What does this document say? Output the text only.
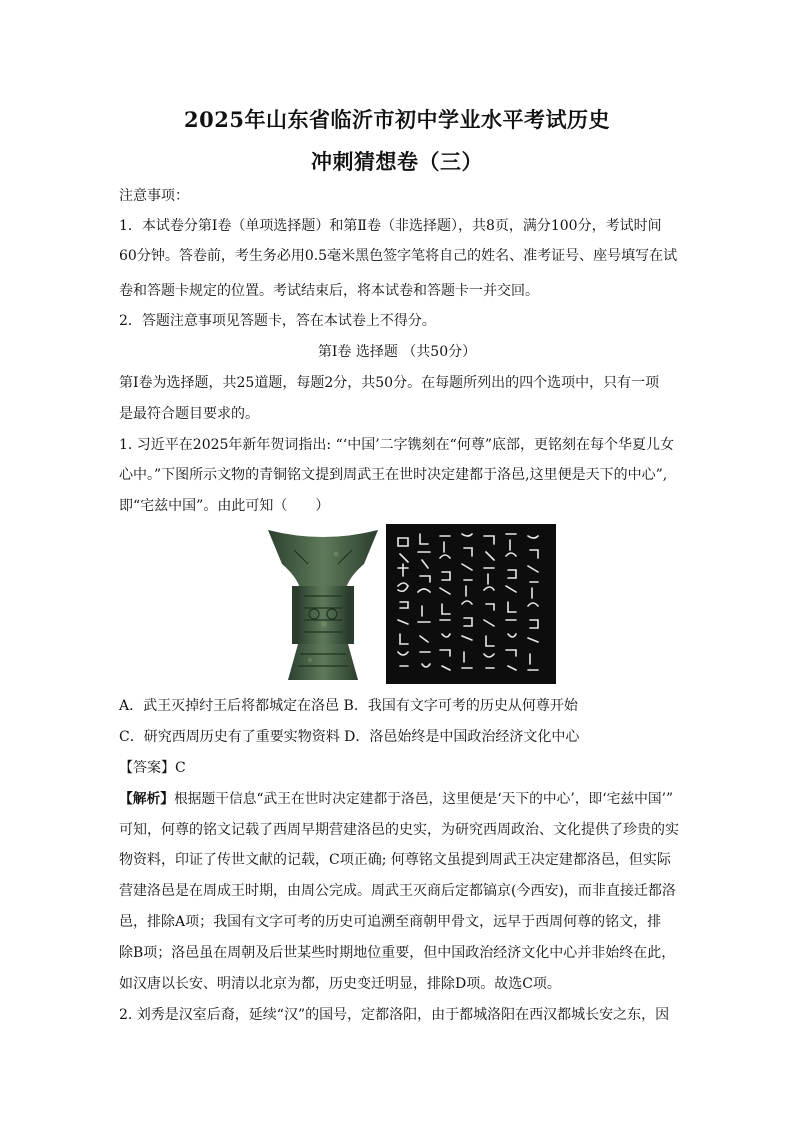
2025年山东省临沂市初中学业水平考试历史
冲刺猜想卷（三）
注意事项：
1．本试卷分第Ⅰ卷（单项选择题）和第Ⅱ卷（非选择题），共8页，满分100分，考试时间
60分钟。答卷前，考生务必用0.5毫米黑色签字笔将自己的姓名、准考证号、座号填写在试
卷和答题卡规定的位置。考试结束后，将本试卷和答题卡一并交回。
2．答题注意事项见答题卡，答在本试卷上不得分。
第Ⅰ卷 选择题 （共50分）
第Ⅰ卷为选择题，共25道题，每题2分，共50分。在每题所列出的四个选项中，只有一项
是最符合题目要求的。
1. 习近平在2025年新年贺词指出: “‘中国’二字镌刻在“何尊”底部，更铭刻在每个华夏儿女
心中。”下图所示文物的青铜铭文提到周武王在世时决定建都于洛邑,这里便是天下的中心”,
即“宅兹中国”。由此可知（　　）
A．武王灭掉纣王后将都城定在洛邑 B．我国有文字可考的历史从何尊开始
C．研究西周历史有了重要实物资料 D．洛邑始终是中国政治经济文化中心
【答案】C
【解析】根据题干信息“武王在世时决定建都于洛邑，这里便是‘天下的中心’，即‘宅兹中国’”
可知，何尊的铭文记载了西周早期营建洛邑的史实，为研究西周政治、文化提供了珍贵的实
物资料，印证了传世文献的记载，C项正确; 何尊铭文虽提到周武王决定建都洛邑，但实际
营建洛邑是在周成王时期，由周公完成。周武王灭商后定都镐京(今西安)，而非直接迁都洛
邑，排除A项；我国有文字可考的历史可追溯至商朝甲骨文，远早于西周何尊的铭文，排
除B项；洛邑虽在周朝及后世某些时期地位重要，但中国政治经济文化中心并非始终在此，
如汉唐以长安、明清以北京为都，历史变迁明显，排除D项。故选C项。
2. 刘秀是汉室后裔，延续“汉”的国号，定都洛阳，由于都城洛阳在西汉都城长安之东，因
